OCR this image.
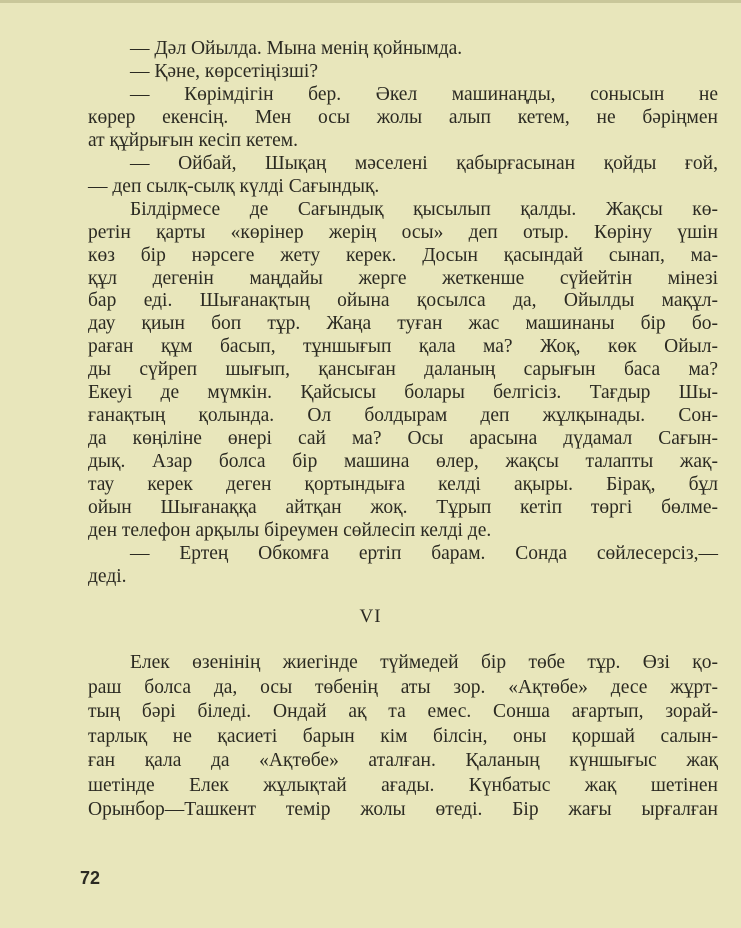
— Дәл Ойылда. Мына менің қойнымда.
— Қәне, көрсетіңізші?
— Көрімдігін бер. Әкел машинаңды, сонысын не
көрер екенсің. Мен осы жолы алып кетем, не бәріңмен
ат құйрығын кесіп кетем.
— Ойбай, Шықаң мәселені қабырғасынан қойды ғой,
— деп сылқ-сылқ күлді Сағындық.
Білдірмесе де Сағындық қысылып қалды. Жақсы кө-
ретін қарты «көрінер жерің осы» деп отыр. Көріну үшін
көз бір нәрсеге жету керек. Досын қасындай сынап, ма-
құл дегенін маңдайы жерге жеткенше сүйейтін мінезі
бар еді. Шығанақтың ойына қосылса да, Ойылды мақұл-
дау қиын боп тұр. Жаңа туған жас машинаны бір бо-
раған құм басып, тұншығып қала ма? Жоқ, көк Ойыл-
ды сүйреп шығып, қансыған даланың сарығын баса ма?
Екеуі де мүмкін. Қайсысы болары белгісіз. Тағдыр Шы-
ғанақтың қолында. Ол болдырам деп жұлқынады. Сон-
да көңіліне өнері сай ма? Осы арасына дүдамал Сағын-
дық. Азар болса бір машина өлер, жақсы талапты жақ-
тау керек деген қортындыға келді ақыры. Бірақ, бұл
ойын Шығанаққа айтқан жоқ. Тұрып кетіп төргі бөлме-
ден телефон арқылы біреумен сөйлесіп келді де.
— Ертең Обкомға ертіп барам. Сонда сөйлесерсіз,—
деді.
VI
Елек өзенінің жиегінде түймедей бір төбе тұр. Өзі қо-
раш болса да, осы төбенің аты зор. «Ақтөбе» десе жұрт-
тың бәрі біледі. Ондай ақ та емес. Сонша ағартып, зорай-
тарлық не қасиеті барын кім білсін, оны қоршай салын-
ған қала да «Ақтөбе» аталған. Қаланың күншығыс жақ
шетінде Елек жұлықтай ағады. Күнбатыс жақ шетінен
Орынбор—Ташкент темір жолы өтеді. Бір жағы ырғалған
72
